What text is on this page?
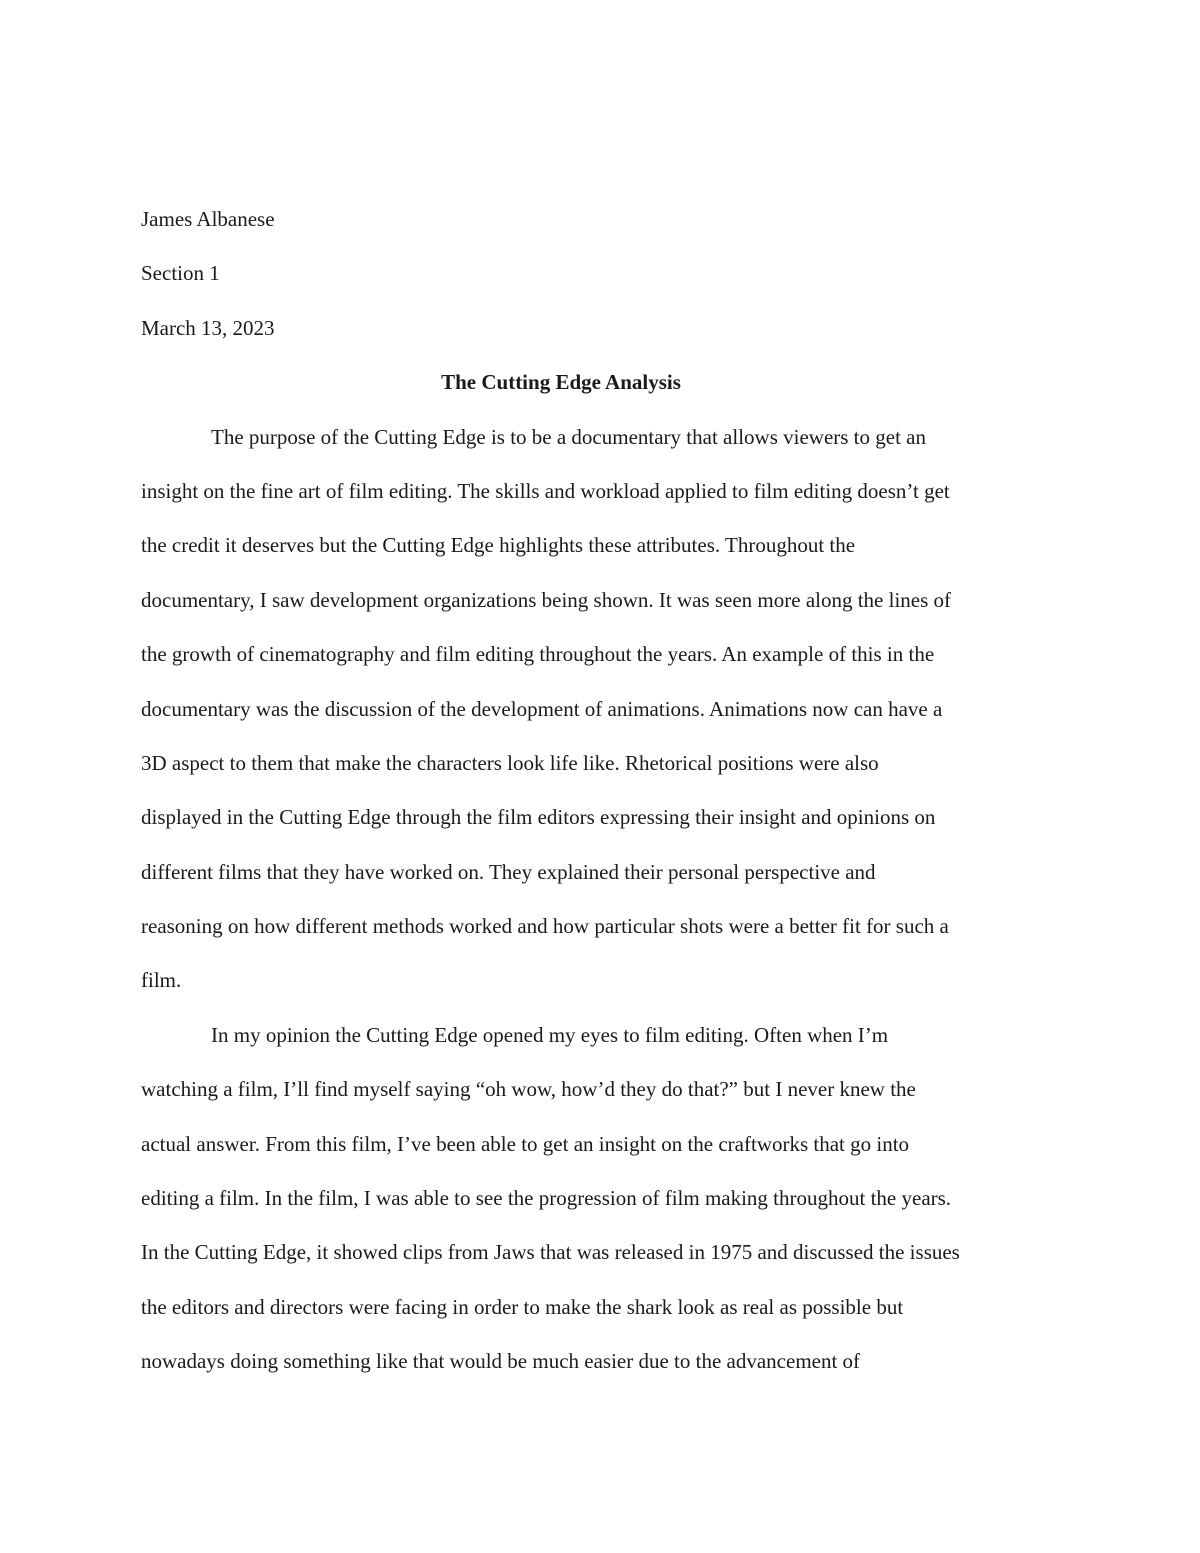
James Albanese

Section 1

March 13, 2023

The Cutting Edge Analysis

The purpose of the Cutting Edge is to be a documentary that allows viewers to get an

insight on the fine art of film editing. The skills and workload applied to film editing doesn’t get

the credit it deserves but the Cutting Edge highlights these attributes. Throughout the

documentary, I saw development organizations being shown. It was seen more along the lines of

the growth of cinematography and film editing throughout the years. An example of this in the

documentary was the discussion of the development of animations. Animations now can have a

3D aspect to them that make the characters look life like. Rhetorical positions were also

displayed in the Cutting Edge through the film editors expressing their insight and opinions on

different films that they have worked on. They explained their personal perspective and

reasoning on how different methods worked and how particular shots were a better fit for such a

film.

In my opinion the Cutting Edge opened my eyes to film editing. Often when I’m

watching a film, I’ll find myself saying “oh wow, how’d they do that?” but I never knew the

actual answer. From this film, I’ve been able to get an insight on the craftworks that go into

editing a film. In the film, I was able to see the progression of film making throughout the years.

In the Cutting Edge, it showed clips from Jaws that was released in 1975 and discussed the issues

the editors and directors were facing in order to make the shark look as real as possible but

nowadays doing something like that would be much easier due to the advancement of
